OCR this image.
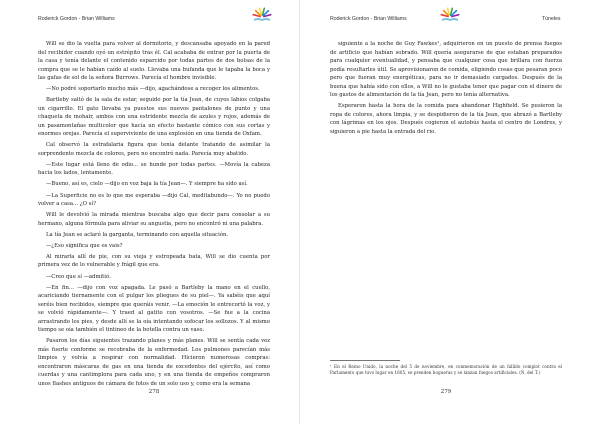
Roderick Gordon - Brian Williams

Will se dio la vuelta para volver al dormitorio, y descansaba apoyado en la pared del recibidor cuando oyó un estrépito tras él. Cal acababa de entrar por la puerta de la casa y tenía delante el contenido esparcido por todas partes de dos bolsas de la compra que se le habían caído al suelo. Llevaba una bufanda que le tapaba la boca y las gafas de sol de la señora Burrows. Parecía el hombre invisible.

—No podré soportarlo mucho más —dijo, agachándose a recoger los alimentos.

Bartleby saltó de la sala de estar, seguido por la tía Jean, de cuyos labios colgaba un cigarrillo. El gato llevaba ya puestos sus nuevos pantalones de punto y una chaqueta de mohair, ambos con una estridente mezcla de azules y rojos, además de un pasamontañas multicolor que hacía un efecto bastante cómico con sus cortas y enormes orejas. Parecía el superviviente de una explosión en una tienda de Oxfam.

Cal observó la estrafalaria figura que tenía delante tratando de asimilar la sorprendente mezcla de colores, pero no encontró nada. Parecía muy abatido.

—Este lugar está lleno de odio... se hunde por todas partes. —Movía la cabeza hacia los lados, lentamente.

—Bueno, así es, cielo —dijo en voz baja la tía Jean—. Y siempre ha sido así.

—La Superficie no es lo que me esperaba —dijo Cal, meditabundo—. Yo no puedo volver a casa... ¿O sí?

Will le devolvió la mirada mientras buscaba algo que decir para consolar a su hermano, alguna fórmula para aliviar su angustia, pero no encontró ni una palabra.

La tía Jean se aclaró la garganta, terminando con aquella situación.

—¿Eso significa que os vais?

Al mirarla allí de pie, con su vieja y estropeada bata, Will se dio cuenta por primera vez de lo vulnerable y frágil que era.

—Creo que sí —admitió.

—En fin... —dijo con voz apagada. Le pasó a Bartleby la mano en el cuello, acariciando tiernamente con el pulgar los pliegues de su piel—. Ya sabéis que aquí seréis bien recibidos, siempre que queráis venir. —La emoción le entrecortó la voz, y se volvió rápidamente—. Y traed al gatito con vosotros. —Se fue a la cocina arrastrando los pies, y desde allí se la oía intentando sofocar los sollozos. Y al mismo tiempo se oía también el tintineo de la botella contra un vaso.

Pasaron los días siguientes trazando planes y más planes. Will se sentía cada vez más fuerte conforme se recobraba de la enfermedad. Los pulmones parecían más limpios y volvía a respirar con normalidad. Hicieron numerosas compras: encontraron máscaras de gas en una tienda de excedentes del ejército, así como cuerdas y una cantimplora para cada uno, y en una tienda de empeños compraron unos flashes antiguos de cámara de fotos de un solo uso y, como era la semana

278
Roderick Gordon - Brian Williams	Túneles

siguiente a la noche de Guy Fawkes¹, adquirieron en un puesto de prensa fuegos de artificio que habían sobrado. Will quería asegurarse de que estaban preparados para cualquier eventualidad, y pensaba que cualquier cosa que brillara con fuerza podía resultarles útil. Se aprovisionaron de comida, eligiendo cosas que pesaran poco pero que fueran muy energéticas, para no ir demasiado cargados. Después de la buena que había sido con ellos, a Will no le gustaba tener que pagar con el dinero de los gastos de alimentación de la tía Jean, pero no tenía alternativa.

Esperaron hasta la hora de la comida para abandonar Highfield. Se pusieron la ropa de colores, ahora limpia, y se despidieron de la tía Jean, que abrazó a Bartleby con lágrimas en los ojos. Después cogieron el autobús hasta el centro de Londres, y siguieron a pie hasta la entrada del rio.

¹ En el Reino Unido, la noche del 5 de noviembre, en conmemoración de un fallido complot contra el Parlamento que tuvo lugar en 1605, se prenden hogueras y se lanzan fuegos artificiales. (N. del T.)
279
